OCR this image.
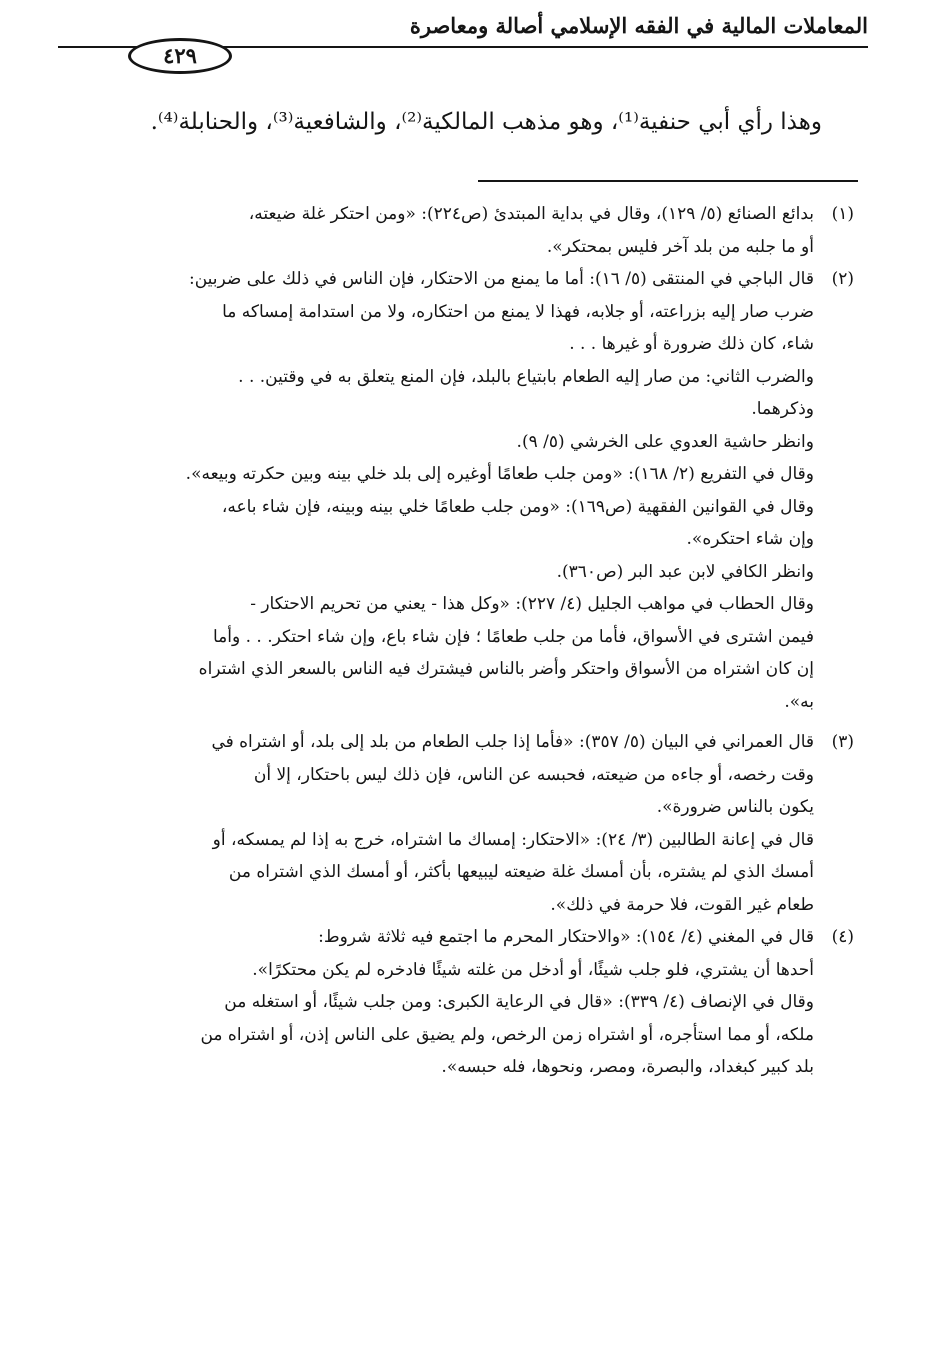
المعاملات المالية في الفقه الإسلامي أصالة ومعاصرة
٤٢٩
وهذا رأي أبي حنفية⁽¹⁾، وهو مذهب المالكية⁽²⁾، والشافعية⁽³⁾، والحنابلة⁽⁴⁾.
(١)
بدائع الصنائع (٥/ ١٢٩)، وقال في بداية المبتدئ (ص٢٢٤): «ومن احتكر غلة ضيعته،
أو ما جلبه من بلد آخر فليس بمحتكر».
(٢)
قال الباجي في المنتقى (٥/ ١٦): أما ما يمنع من الاحتكار، فإن الناس في ذلك على ضربين:
ضرب صار إليه بزراعته، أو جلابه، فهذا لا يمنع من احتكاره، ولا من استدامة إمساكه ما
شاء، كان ذلك ضرورة أو غيرها . . .
والضرب الثاني: من صار إليه الطعام بابتياع بالبلد، فإن المنع يتعلق به في وقتين. . .
وذكرهما.
وانظر حاشية العدوي على الخرشي (٥/ ٩).
وقال في التفريع (٢/ ١٦٨): «ومن جلب طعامًا أوغيره إلى بلد خلي بينه وبين حكرته وبيعه».
وقال في القوانين الفقهية (ص١٦٩): «ومن جلب طعامًا خلي بينه وبينه، فإن شاء باعه،
وإن شاء احتكره».
وانظر الكافي لابن عبد البر (ص٣٦٠).
وقال الحطاب في مواهب الجليل (٤/ ٢٢٧): «وكل هذا - يعني من تحريم الاحتكار -
فيمن اشترى في الأسواق، فأما من جلب طعامًا ؛ فإن شاء باع، وإن شاء احتكر. . . وأما
إن كان اشتراه من الأسواق واحتكر وأضر بالناس فيشترك فيه الناس بالسعر الذي اشتراه
به».
(٣)
قال العمراني في البيان (٥/ ٣٥٧): «فأما إذا جلب الطعام من بلد إلى بلد، أو اشتراه في
وقت رخصه، أو جاءه من ضيعته، فحبسه عن الناس، فإن ذلك ليس باحتكار، إلا أن
يكون بالناس ضرورة».
قال في إعانة الطالبين (٣/ ٢٤): «الاحتكار: إمساك ما اشتراه، خرج به إذا لم يمسكه، أو
أمسك الذي لم يشتره، بأن أمسك غلة ضيعته ليبيعها بأكثر، أو أمسك الذي اشتراه من
طعام غير القوت، فلا حرمة في ذلك».
(٤)
قال في المغني (٤/ ١٥٤): «والاحتكار المحرم ما اجتمع فيه ثلاثة شروط:
أحدها أن يشتري، فلو جلب شيئًا، أو أدخل من غلته شيئًا فادخره لم يكن محتكرًا».
وقال في الإنصاف (٤/ ٣٣٩): «قال في الرعاية الكبرى: ومن جلب شيئًا، أو استغله من
ملكه، أو مما استأجره، أو اشتراه زمن الرخص، ولم يضيق على الناس إذن، أو اشتراه من
بلد كبير كبغداد، والبصرة، ومصر، ونحوها، فله حبسه».
